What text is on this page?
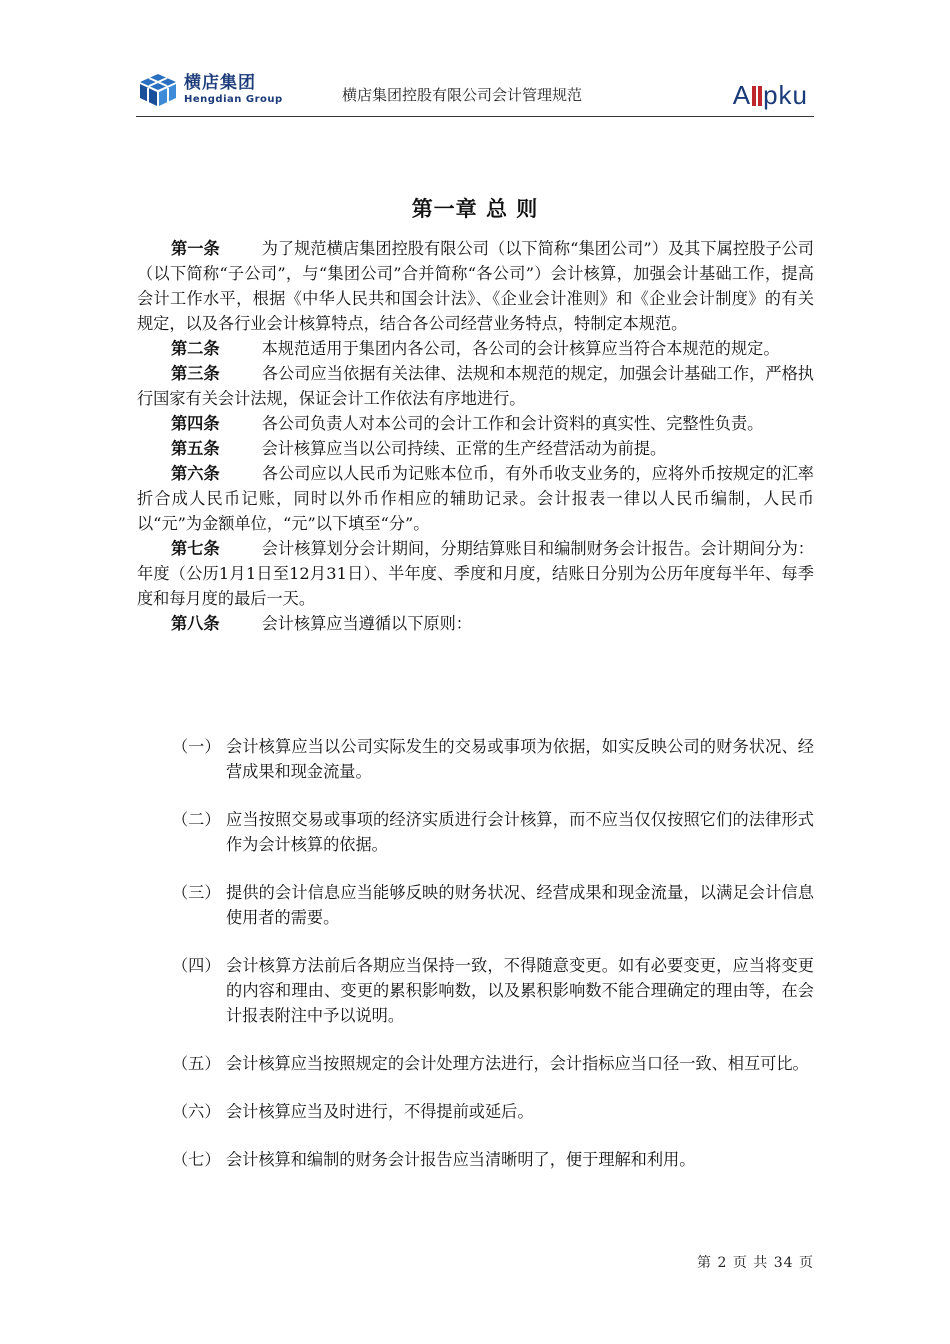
横店集团
Hengdian Group	横店集团控股有限公司会计管理规范	A pku
第一章 总 则

第一条	为了规范横店集团控股有限公司（以下简称“集团公司”）及其下属控股子公司（以下简称“子公司”，与“集团公司”合并简称“各公司”）会计核算，加强会计基础工作，提高会计工作水平，根据《中华人民共和国会计法》、《企业会计准则》和《企业会计制度》的有关规定，以及各行业会计核算特点，结合各公司经营业务特点，特制定本规范。

第二条	本规范适用于集团内各公司，各公司的会计核算应当符合本规范的规定。

第三条	各公司应当依据有关法律、法规和本规范的规定，加强会计基础工作，严格执行国家有关会计法规，保证会计工作依法有序地进行。

第四条	各公司负责人对本公司的会计工作和会计资料的真实性、完整性负责。

第五条	会计核算应当以公司持续、正常的生产经营活动为前提。

第六条	各公司应以人民币为记账本位币，有外币收支业务的，应将外币按规定的汇率折合成人民币记账，同时以外币作相应的辅助记录。会计报表一律以人民币编制，人民币以“元”为金额单位，“元”以下填至“分”。

第七条	会计核算划分会计期间，分期结算账目和编制财务会计报告。会计期间分为：年度（公历1月1日至12月31日）、半年度、季度和月度，结账日分别为公历年度每半年、每季度和每月度的最后一天。

第八条	会计核算应当遵循以下原则：

（一） 会计核算应当以公司实际发生的交易或事项为依据，如实反映公司的财务状况、经营成果和现金流量。
（二） 应当按照交易或事项的经济实质进行会计核算，而不应当仅仅按照它们的法律形式作为会计核算的依据。
（三） 提供的会计信息应当能够反映的财务状况、经营成果和现金流量，以满足会计信息使用者的需要。
（四） 会计核算方法前后各期应当保持一致，不得随意变更。如有必要变更，应当将变更的内容和理由、变更的累积影响数，以及累积影响数不能合理确定的理由等，在会计报表附注中予以说明。
（五） 会计核算应当按照规定的会计处理方法进行，会计指标应当口径一致、相互可比。
（六） 会计核算应当及时进行，不得提前或延后。
（七） 会计核算和编制的财务会计报告应当清晰明了，便于理解和利用。
第 2 页 共 34 页
